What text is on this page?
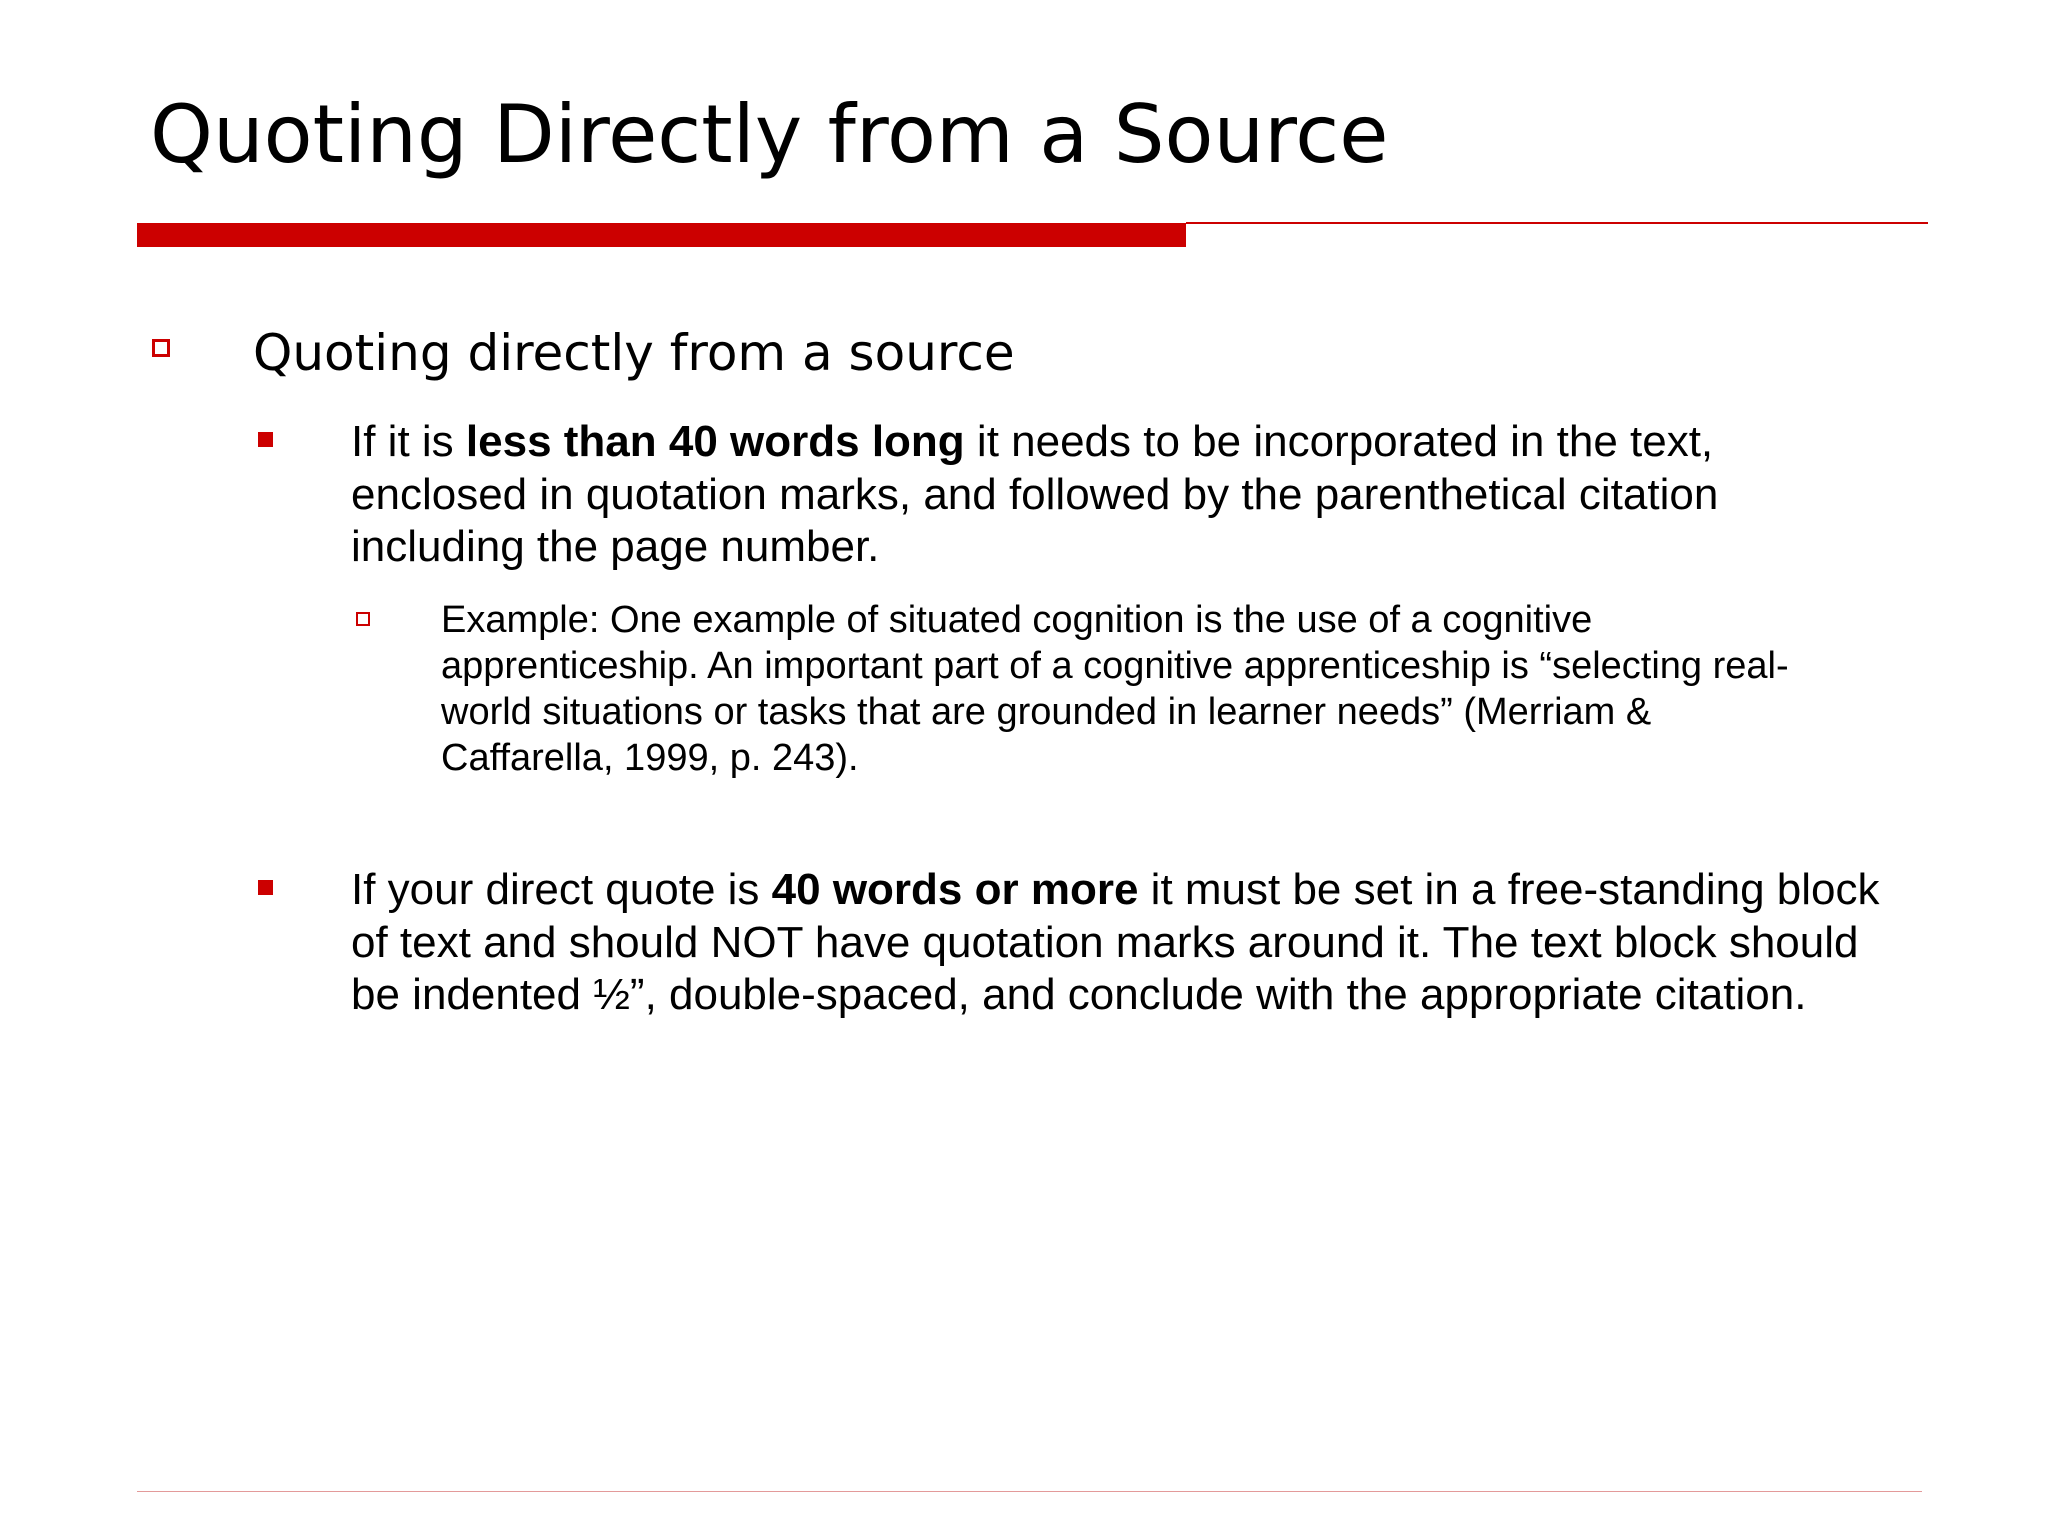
Quoting Directly from a Source

Quoting directly from a source

If it is less than 40 words long it needs to be incorporated in the text, enclosed in quotation marks, and followed by the parenthetical citation including the page number.

Example: One example of situated cognition is the use of a cognitive
apprenticeship. An important part of a cognitive apprenticeship is “selecting real-
world situations or tasks that are grounded in learner needs” (Merriam &
Caffarella, 1999, p. 243).

If your direct quote is 40 words or more it must be set in a free-standing block of text and should NOT have quotation marks around it. The text block should be indented ½”, double-spaced, and conclude with the appropriate citation.
